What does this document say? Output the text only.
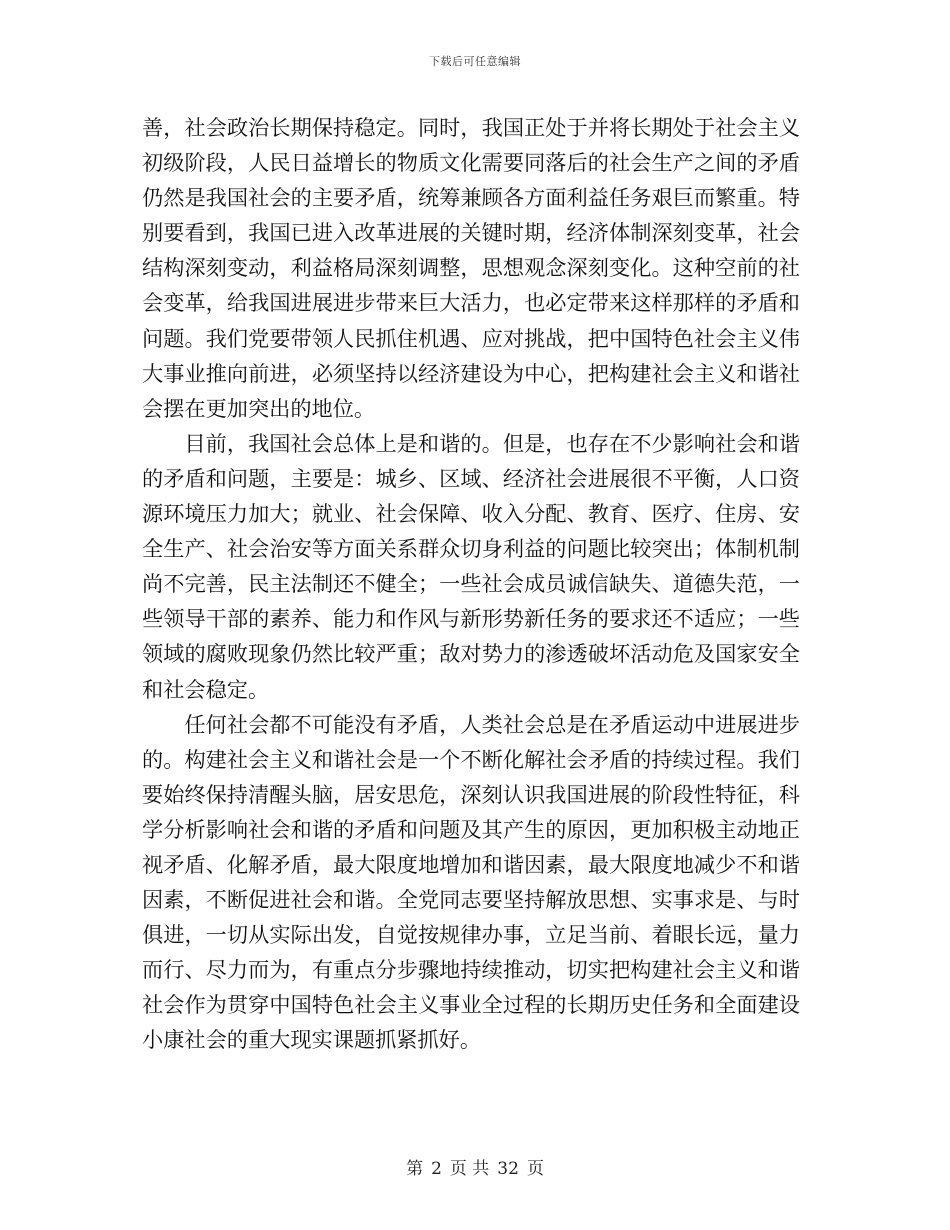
下载后可任意编辑

善，社会政治长期保持稳定。同时，我国正处于并将长期处于社会主义初级阶段，人民日益增长的物质文化需要同落后的社会生产之间的矛盾仍然是我国社会的主要矛盾，统筹兼顾各方面利益任务艰巨而繁重。特别要看到，我国已进入改革进展的关键时期，经济体制深刻变革，社会结构深刻变动，利益格局深刻调整，思想观念深刻变化。这种空前的社会变革，给我国进展进步带来巨大活力，也必定带来这样那样的矛盾和问题。我们党要带领人民抓住机遇、应对挑战，把中国特色社会主义伟大事业推向前进，必须坚持以经济建设为中心，把构建社会主义和谐社会摆在更加突出的地位。

目前，我国社会总体上是和谐的。但是，也存在不少影响社会和谐的矛盾和问题，主要是：城乡、区域、经济社会进展很不平衡，人口资源环境压力加大；就业、社会保障、收入分配、教育、医疗、住房、安全生产、社会治安等方面关系群众切身利益的问题比较突出；体制机制尚不完善，民主法制还不健全；一些社会成员诚信缺失、道德失范，一些领导干部的素养、能力和作风与新形势新任务的要求还不适应；一些领域的腐败现象仍然比较严重；敌对势力的渗透破坏活动危及国家安全和社会稳定。

任何社会都不可能没有矛盾，人类社会总是在矛盾运动中进展进步的。构建社会主义和谐社会是一个不断化解社会矛盾的持续过程。我们要始终保持清醒头脑，居安思危，深刻认识我国进展的阶段性特征，科学分析影响社会和谐的矛盾和问题及其产生的原因，更加积极主动地正视矛盾、化解矛盾，最大限度地增加和谐因素，最大限度地减少不和谐因素，不断促进社会和谐。全党同志要坚持解放思想、实事求是、与时俱进，一切从实际出发，自觉按规律办事，立足当前、着眼长远，量力而行、尽力而为，有重点分步骤地持续推动，切实把构建社会主义和谐社会作为贯穿中国特色社会主义事业全过程的长期历史任务和全面建设小康社会的重大现实课题抓紧抓好。

第 2 页 共 32 页
